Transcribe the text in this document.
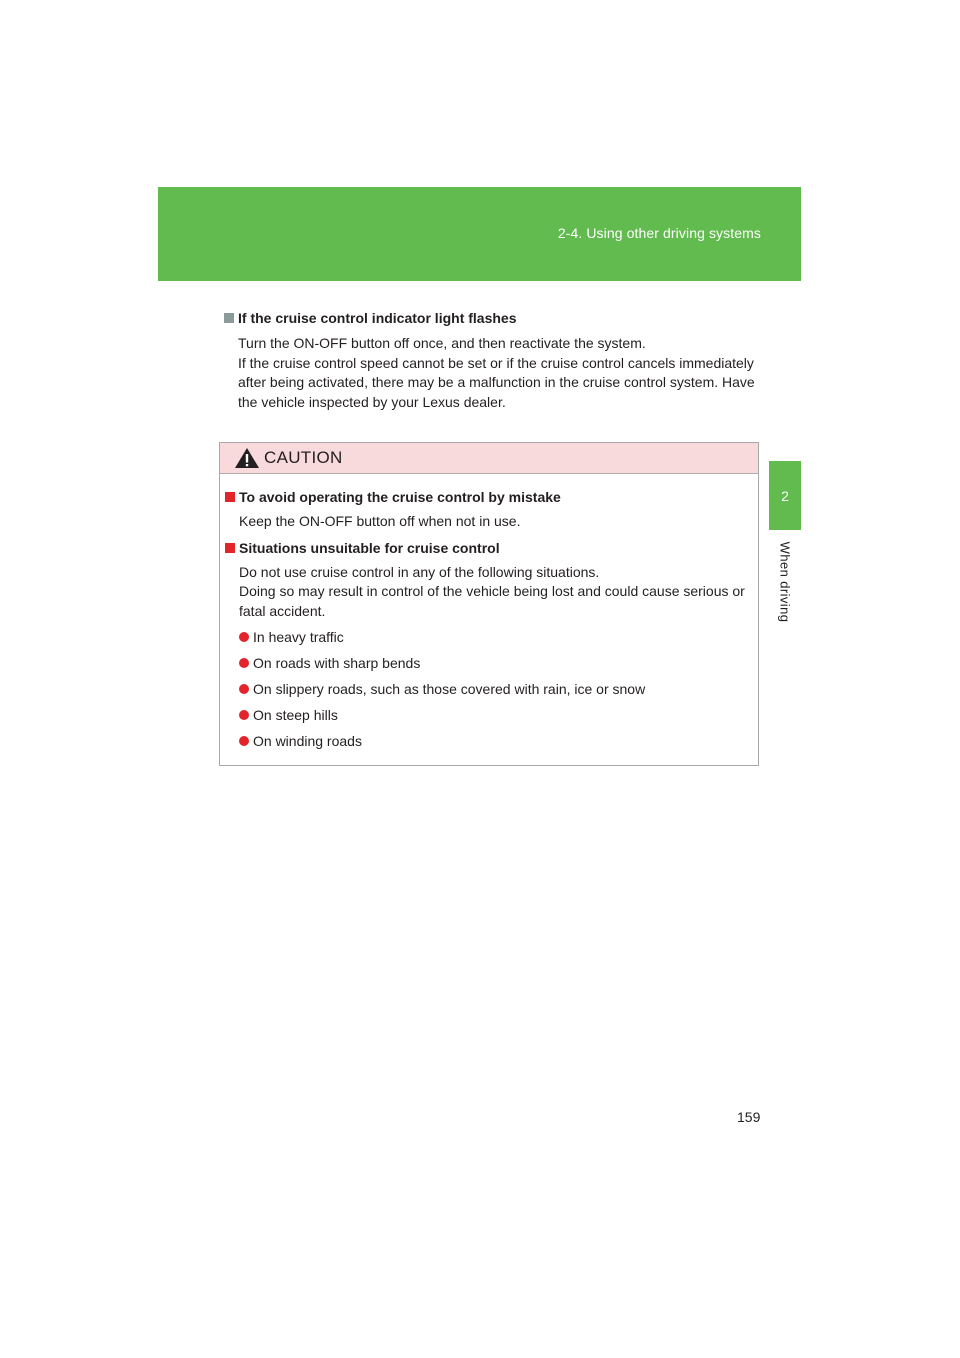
2-4. Using other driving systems
2
When driving
If the cruise control indicator light flashes
Turn the ON-OFF button off once, and then reactivate the system.
If the cruise control speed cannot be set or if the cruise control cancels immediately
after being activated, there may be a malfunction in the cruise control system. Have
the vehicle inspected by your Lexus dealer.
CAUTION
To avoid operating the cruise control by mistake
Keep the ON-OFF button off when not in use.
Situations unsuitable for cruise control
Do not use cruise control in any of the following situations.
Doing so may result in control of the vehicle being lost and could cause serious or
fatal accident.
In heavy traffic
On roads with sharp bends
On slippery roads, such as those covered with rain, ice or snow
On steep hills
On winding roads
159
